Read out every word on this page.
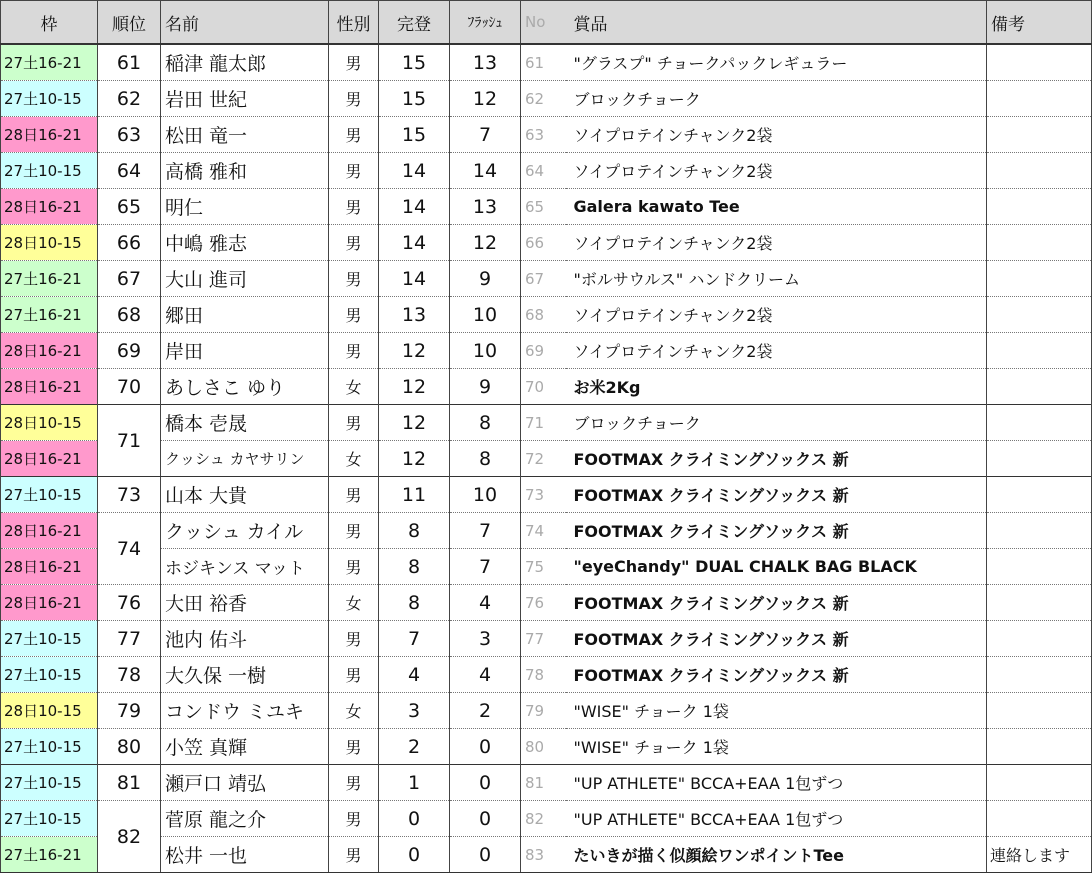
枠	順位	名前	性別	完登	ﾌﾗｯｼｭ	No	賞品	備考
27土16-21	61	稲津 龍太郎	男	15	13	61	"グラスプ" チョークパックレギュラー	
27土10-15	62	岩田 世紀	男	15	12	62	ブロックチョーク	
28日16-21	63	松田 竜一	男	15	7	63	ソイプロテインチャンク2袋	
27土10-15	64	高橋 雅和	男	14	14	64	ソイプロテインチャンク2袋	
28日16-21	65	明仁	男	14	13	65	Galera kawato Tee	
28日10-15	66	中嶋 雅志	男	14	12	66	ソイプロテインチャンク2袋	
27土16-21	67	大山 進司	男	14	9	67	"ボルサウルス" ハンドクリーム	
27土16-21	68	郷田	男	13	10	68	ソイプロテインチャンク2袋	
28日16-21	69	岸田	男	12	10	69	ソイプロテインチャンク2袋	
28日16-21	70	あしさこ ゆり	女	12	9	70	お米2Kg	
28日10-15	71	橋本 壱晟	男	12	8	71	ブロックチョーク	
28日16-21		クッシュ カヤサリン	女	12	8	72	FOOTMAX クライミングソックス 新	
27土10-15	73	山本 大貴	男	11	10	73	FOOTMAX クライミングソックス 新	
28日16-21	74	クッシュ カイル	男	8	7	74	FOOTMAX クライミングソックス 新	
28日16-21		ホジキンス マット	男	8	7	75	"eyeChandy" DUAL CHALK BAG BLACK	
28日16-21	76	大田 裕香	女	8	4	76	FOOTMAX クライミングソックス 新	
27土10-15	77	池内 佑斗	男	7	3	77	FOOTMAX クライミングソックス 新	
27土10-15	78	大久保 一樹	男	4	4	78	FOOTMAX クライミングソックス 新	
28日10-15	79	コンドウ ミユキ	女	3	2	79	"WISE" チョーク 1袋	
27土10-15	80	小笠 真輝	男	2	0	80	"WISE" チョーク 1袋	
27土10-15	81	瀬戸口 靖弘	男	1	0	81	"UP ATHLETE" BCCA+EAA 1包ずつ	
27土10-15	82	菅原 龍之介	男	0	0	82	"UP ATHLETE" BCCA+EAA 1包ずつ	
27土16-21		松井 一也	男	0	0	83	たいきが描く似顔絵ワンポイントTee	連絡します
